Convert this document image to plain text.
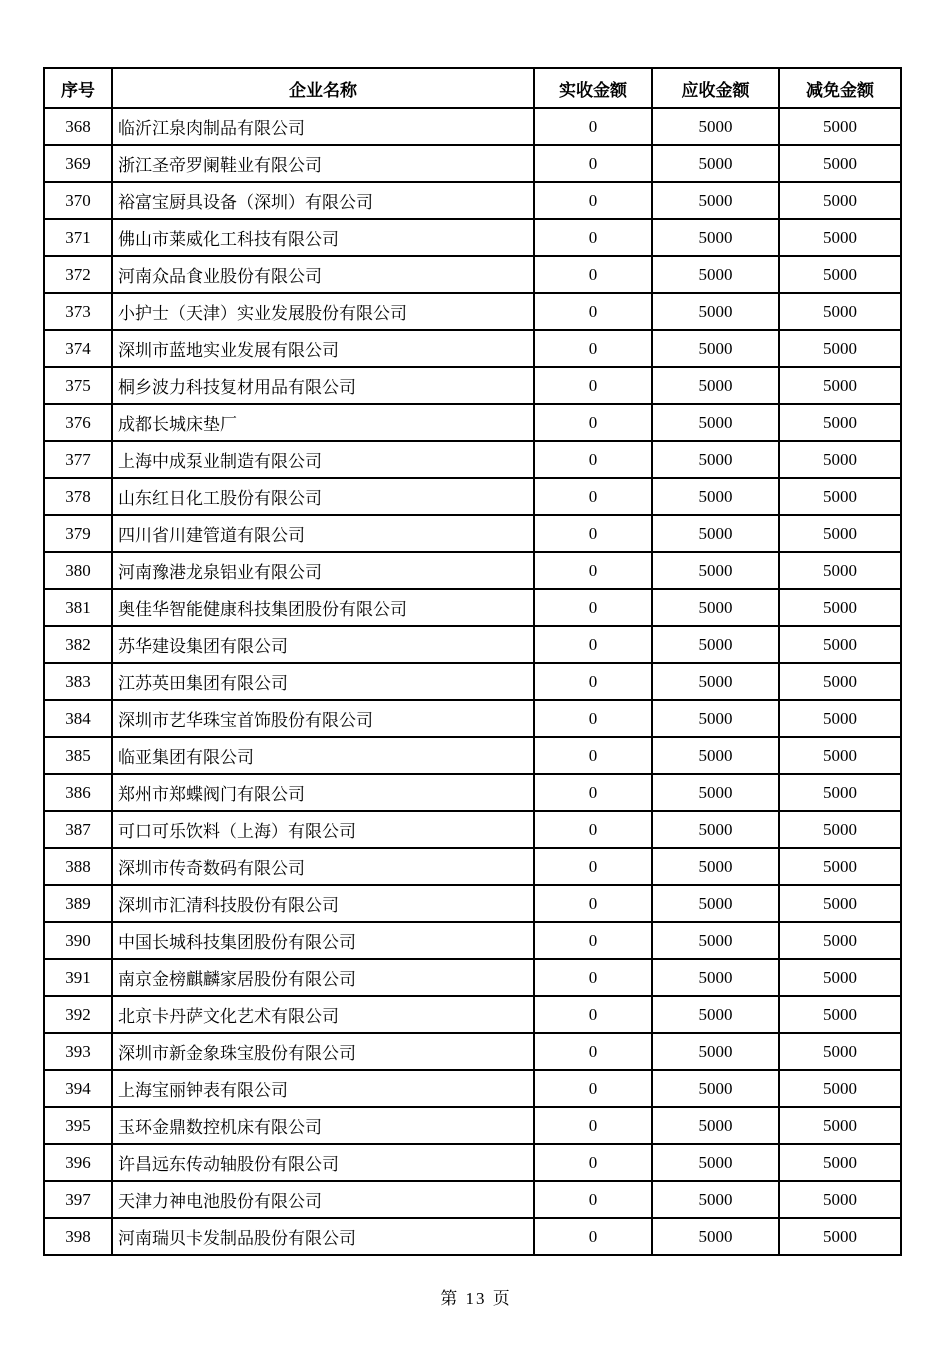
序号	企业名称	实收金额	应收金额	减免金额
368	临沂江泉肉制品有限公司	0	5000	5000
369	浙江圣帝罗阑鞋业有限公司	0	5000	5000
370	裕富宝厨具设备（深圳）有限公司	0	5000	5000
371	佛山市莱威化工科技有限公司	0	5000	5000
372	河南众品食业股份有限公司	0	5000	5000
373	小护士（天津）实业发展股份有限公司	0	5000	5000
374	深圳市蓝地实业发展有限公司	0	5000	5000
375	桐乡波力科技复材用品有限公司	0	5000	5000
376	成都长城床垫厂	0	5000	5000
377	上海中成泵业制造有限公司	0	5000	5000
378	山东红日化工股份有限公司	0	5000	5000
379	四川省川建管道有限公司	0	5000	5000
380	河南豫港龙泉铝业有限公司	0	5000	5000
381	奥佳华智能健康科技集团股份有限公司	0	5000	5000
382	苏华建设集团有限公司	0	5000	5000
383	江苏英田集团有限公司	0	5000	5000
384	深圳市艺华珠宝首饰股份有限公司	0	5000	5000
385	临亚集团有限公司	0	5000	5000
386	郑州市郑蝶阀门有限公司	0	5000	5000
387	可口可乐饮料（上海）有限公司	0	5000	5000
388	深圳市传奇数码有限公司	0	5000	5000
389	深圳市汇清科技股份有限公司	0	5000	5000
390	中国长城科技集团股份有限公司	0	5000	5000
391	南京金榜麒麟家居股份有限公司	0	5000	5000
392	北京卡丹萨文化艺术有限公司	0	5000	5000
393	深圳市新金象珠宝股份有限公司	0	5000	5000
394	上海宝丽钟表有限公司	0	5000	5000
395	玉环金鼎数控机床有限公司	0	5000	5000
396	许昌远东传动轴股份有限公司	0	5000	5000
397	天津力神电池股份有限公司	0	5000	5000
398	河南瑞贝卡发制品股份有限公司	0	5000	5000
第 13 页
